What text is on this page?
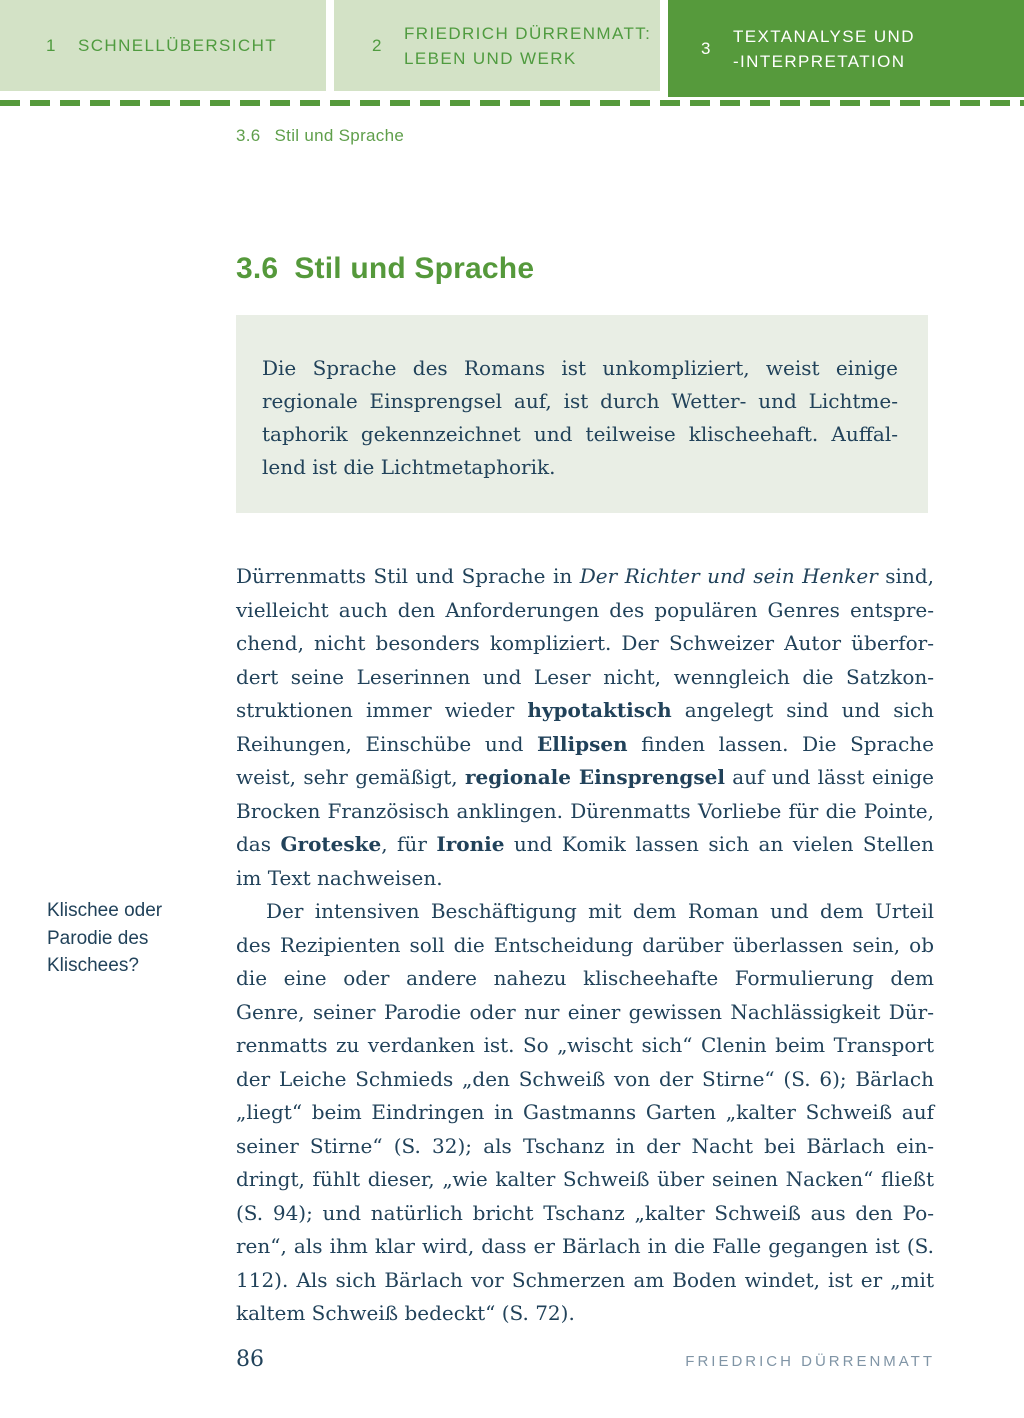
1	SCHNELLÜBERSICHT	2
FRIEDRICH DÜRRENMATT:
LEBEN UND WERK
3
TEXTANALYSE UND
-INTERPRETATION
3.6 Stil und Sprache
3.6 Stil und Sprache

Die Sprache des Romans ist unkompliziert, weist einige regionale Einsprengsel auf, ist durch Wetter- und Lichtmetaphorik gekennzeichnet und teilweise klischeehaft. Auffallend ist die Lichtmetaphorik.

Klischee oder Parodie des Klischees?

Dürrenmatts Stil und Sprache in Der Richter und sein Henker sind, vielleicht auch den Anforderungen des populären Genres entsprechend, nicht besonders kompliziert. Der Schweizer Autor überfordert seine Leserinnen und Leser nicht, wenngleich die Satzkonstruktionen immer wieder hypotaktisch angelegt sind und sich Reihungen, Einschübe und Ellipsen finden lassen. Die Sprache weist, sehr gemäßigt, regionale Einsprengsel auf und lässt einige Brocken Französisch anklingen. Dürenmatts Vorliebe für die Pointe, das Groteske, für Ironie und Komik lassen sich an vielen Stellen im Text nachweisen.

Der intensiven Beschäftigung mit dem Roman und dem Urteil des Rezipienten soll die Entscheidung darüber überlassen sein, ob die eine oder andere nahezu klischeehafte Formulierung dem Genre, seiner Parodie oder nur einer gewissen Nachlässigkeit Dürrenmatts zu verdanken ist. So „wischt sich“ Clenin beim Transport der Leiche Schmieds „den Schweiß von der Stirne“ (S. 6); Bärlach „liegt“ beim Eindringen in Gastmanns Garten „kalter Schweiß auf seiner Stirne“ (S. 32); als Tschanz in der Nacht bei Bärlach eindringt, fühlt dieser, „wie kalter Schweiß über seinen Nacken“ fließt (S. 94); und natürlich bricht Tschanz „kalter Schweiß aus den Poren“, als ihm klar wird, dass er Bärlach in die Falle gegangen ist (S. 112). Als sich Bärlach vor Schmerzen am Boden windet, ist er „mit kaltem Schweiß bedeckt“ (S. 72).

86	FRIEDRICH DÜRRENMATT
